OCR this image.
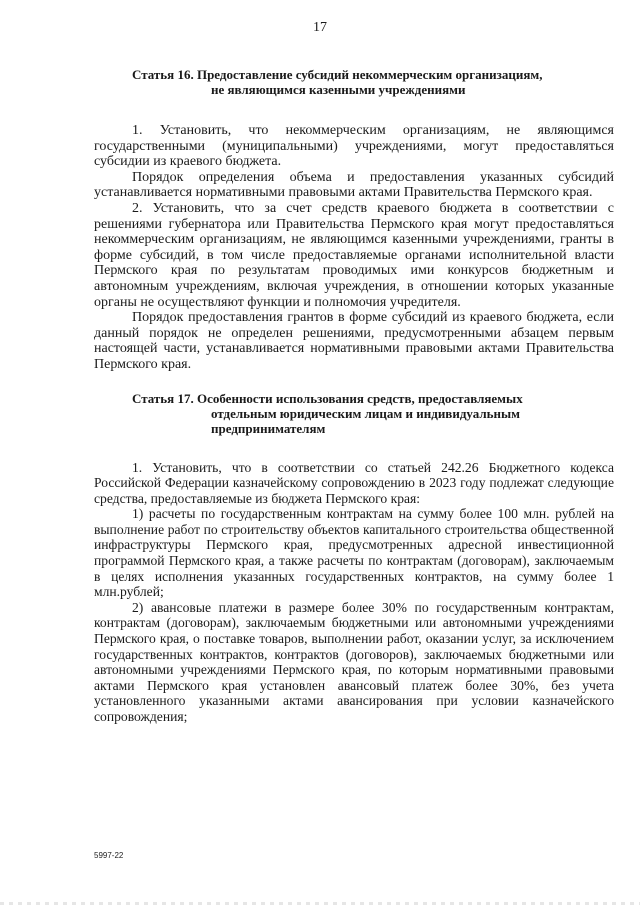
17
Статья 16. Предоставление субсидий некоммерческим организациям,
не являющимся казенными учреждениями

1. Установить, что некоммерческим организациям, не являющимся государственными (муниципальными) учреждениями, могут предоставляться субсидии из краевого бюджета.

Порядок определения объема и предоставления указанных субсидий устанавливается нормативными правовыми актами Правительства Пермского края.

2. Установить, что за счет средств краевого бюджета в соответствии с решениями губернатора или Правительства Пермского края могут предоставляться некоммерческим организациям, не являющимся казенными учреждениями, гранты в форме субсидий, в том числе предоставляемые органами исполнительной власти Пермского края по результатам проводимых ими конкурсов бюджетным и автономным учреждениям, включая учреждения, в отношении которых указанные органы не осуществляют функции и полномочия учредителя.

Порядок предоставления грантов в форме субсидий из краевого бюджета, если данный порядок не определен решениями, предусмотренными абзацем первым настоящей части, устанавливается нормативными правовыми актами Правительства Пермского края.

Статья 17. Особенности использования средств, предоставляемых
отдельным юридическим лицам и индивидуальным
предпринимателям

1. Установить, что в соответствии со статьей 242.26 Бюджетного кодекса Российской Федерации казначейскому сопровождению в 2023 году подлежат следующие средства, предоставляемые из бюджета Пермского края:

1) расчеты по государственным контрактам на сумму более 100 млн. рублей на выполнение работ по строительству объектов капитального строительства общественной инфраструктуры Пермского края, предусмотренных адресной инвестиционной программой Пермского края, а также расчеты по контрактам (договорам), заключаемым в целях исполнения указанных государственных контрактов, на сумму более 1 млн.рублей;

2) авансовые платежи в размере более 30% по государственным контрактам, контрактам (договорам), заключаемым бюджетными или автономными учреждениями Пермского края, о поставке товаров, выполнении работ, оказании услуг, за исключением государственных контрактов, контрактов (договоров), заключаемых бюджетными или автономными учреждениями Пермского края, по которым нормативными правовыми актами Пермского края установлен авансовый платеж более 30%, без учета установленного указанными актами авансирования при условии казначейского сопровождения;

5997-22
